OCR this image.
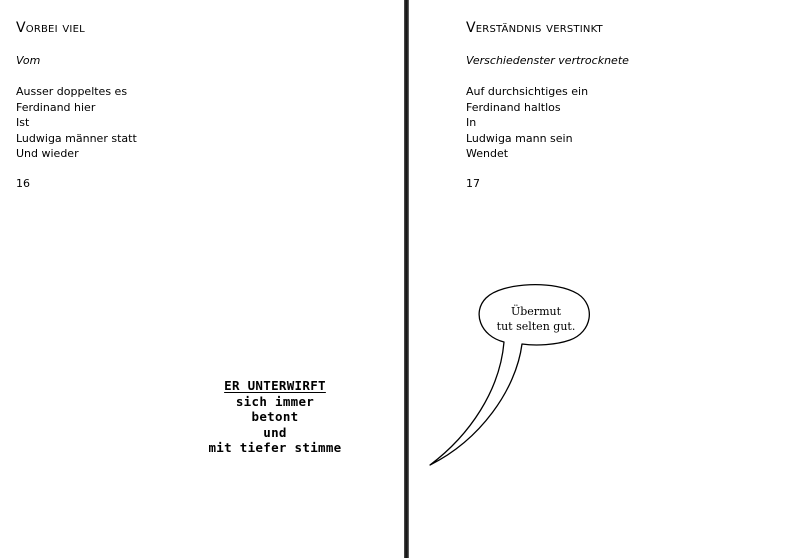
Vorbei viel
Vom
Ausser doppeltes es
Ferdinand hier
Ist
Ludwiga männer statt
Und wieder
16
Verständnis verstinkt
Verschiedenster vertrocknete
Auf durchsichtiges ein
Ferdinand haltlos
In
Ludwiga mann sein
Wendet
17
ER UNTERWIRFT
sich immer
betont
und
mit tiefer stimme
Übermut
tut selten gut.
